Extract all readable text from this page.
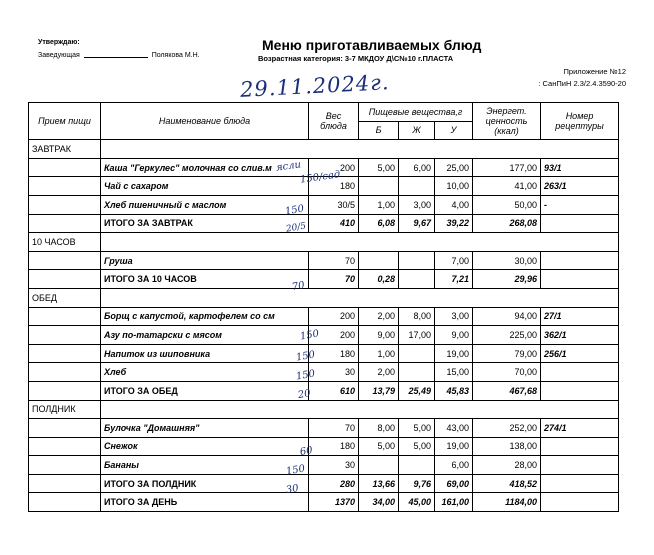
Утверждаю:
Заведующая	Полякова М.Н.
Меню приготавливаемых блюд
Возрастная категория: 3-7 МКДОУ Д\С№10 г.ПЛАСТА
Приложение №12
: СанПиН 2.3/2.4.3590-20
29.11.2024г.
Прием пищи	Наименование блюда	Вес блюда	Пищевые вещества,г			Энергет. ценность (ккал)	Номер рецептуры
			Б	Ж	У		
ЗАВТРАК							
	Каша "Геркулес" молочная со слив.м	200	5,00	6,00	25,00	177,00	93/1
	Чай с сахаром	180			10,00	41,00	263/1
	Хлеб пшеничный с маслом	30/5	1,00	3,00	4,00	50,00	-
	ИТОГО ЗА ЗАВТРАК	410	6,08	9,67	39,22	268,08	
10 ЧАСОВ							
	Груша	70			7,00	30,00	
	ИТОГО ЗА 10 ЧАСОВ	70	0,28		7,21	29,96	
ОБЕД							
	Борщ с капустой, картофелем со см	200	2,00	8,00	3,00	94,00	27/1
	Азу по-татарски с мясом	200	9,00	17,00	9,00	225,00	362/1
	Напиток из шиповника	180	1,00		19,00	79,00	256/1
	Хлеб	30	2,00		15,00	70,00	
	ИТОГО ЗА ОБЕД	610	13,79	25,49	45,83	467,68	
ПОЛДНИК							
	Булочка "Домашняя"	70	8,00	5,00	43,00	252,00	274/1
	Снежок	180	5,00	5,00	19,00	138,00	
	Бананы	30			6,00	28,00	
	ИТОГО ЗА ПОЛДНИК	280	13,66	9,76	69,00	418,52	
	ИТОГО ЗА ДЕНЬ	1370	34,00	45,00	161,00	1184,00	
ясли
150/сад
150
20/5
70
150
150
150
20
60
150
30
